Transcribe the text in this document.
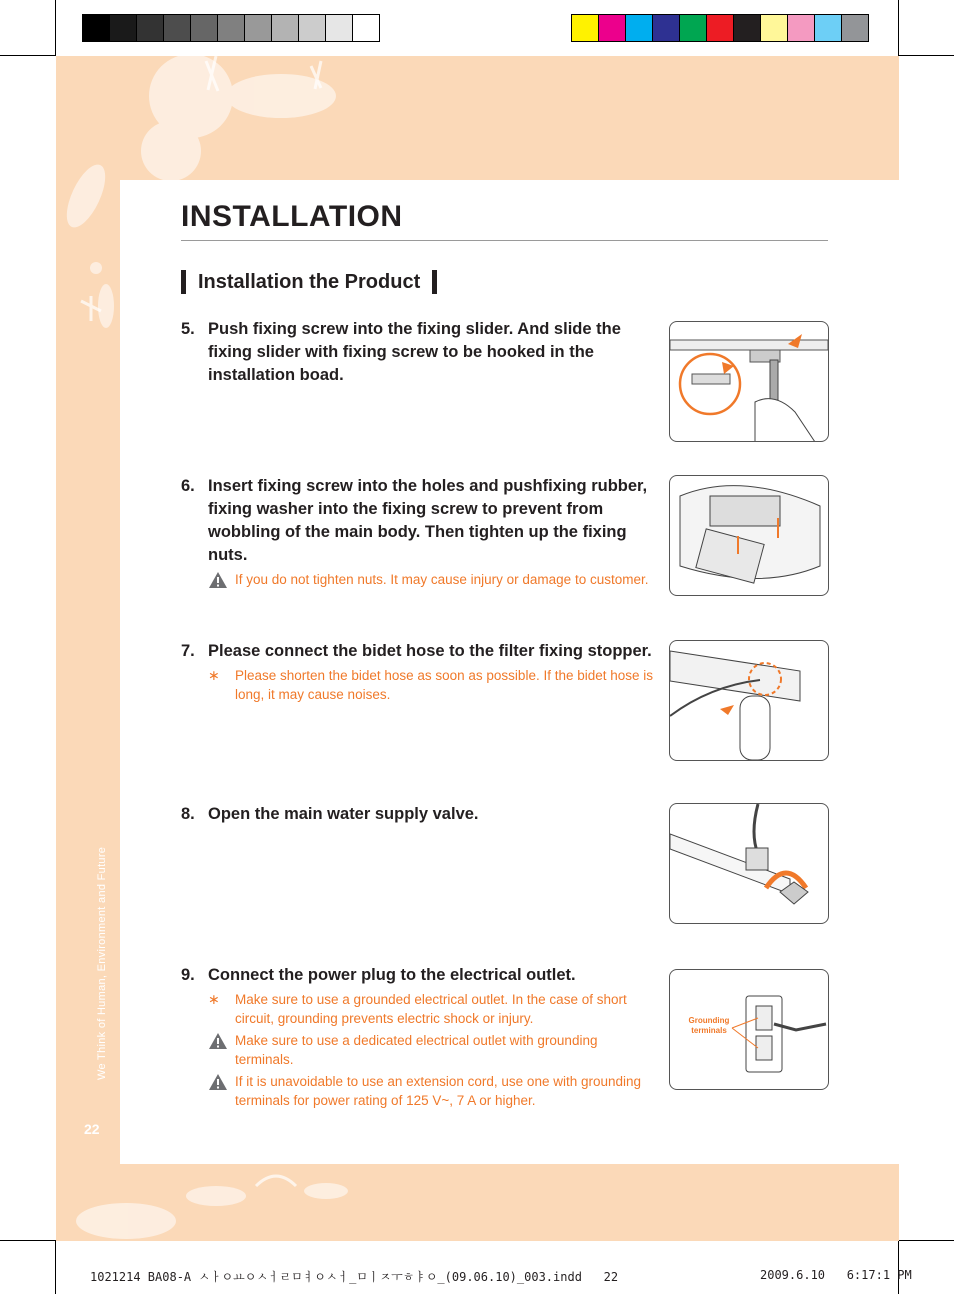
We Think of Human, Environment and Future
22
INSTALLATION
Installation the Product
5. Push fixing screw into the fixing slider. And slide the fixing slider with fixing screw to be hooked in the installation boad.
6. Insert fixing screw into the holes and pushfixing rubber, fixing washer into the fixing screw to prevent from wobbling of the main body. Then tighten up the fixing nuts.
If you do not tighten nuts. It may cause injury or damage to customer.
7. Please connect the bidet hose to the filter fixing stopper.
∗	Please shorten the bidet hose as soon as possible. If the bidet hose is long, it may cause noises.
8. Open the main water supply valve.
9. Connect the power plug to the electrical outlet.
∗	Make sure to use a grounded electrical outlet. In the case of short circuit, grounding prevents electric shock or injury.
Make sure to use a dedicated electrical outlet with grounding terminals.
If it is unavoidable to use an extension cord, use one with grounding terminals for power rating of 125 V~, 7 A or higher.
Grounding terminals
1021214 BA08-A ㅅㅏㅇㅛㅇㅅㅓㄹㅁㅕㅇㅅㅓ_ㅁㅣㅈㅜㅎㅑㅇ_(09.06.10)_003.indd   22	2009.6.10   6:17:1 PM
